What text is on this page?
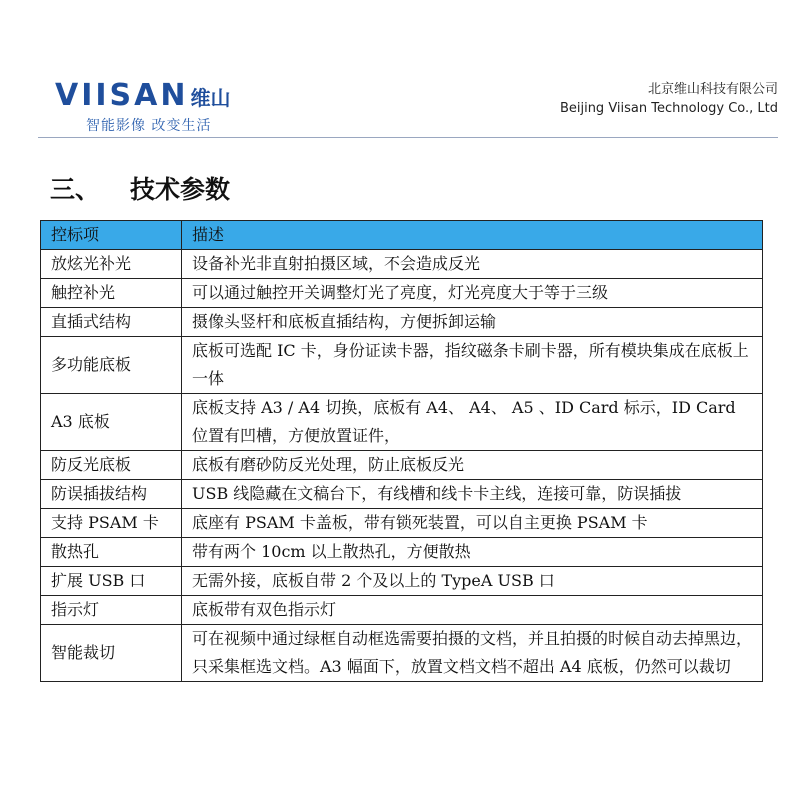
VIISAN 维山
智能影像 改变生活
北京维山科技有限公司
Beijing Viisan Technology Co., Ltd
三、 技术参数
控标项	描述
放炫光补光	设备补光非直射拍摄区域，不会造成反光
触控补光	可以通过触控开关调整灯光了亮度，灯光亮度大于等于三级
直插式结构	摄像头竖杆和底板直插结构，方便拆卸运输
多功能底板	底板可选配 IC 卡，身份证读卡器，指纹磁条卡刷卡器，所有模块集成在底板上一体
A3 底板	底板支持 A3 / A4 切换，底板有 A4、 A4、 A5 、ID Card 标示，ID Card 位置有凹槽，方便放置证件，
防反光底板	底板有磨砂防反光处理，防止底板反光
防误插拔结构	USB 线隐藏在文稿台下，有线槽和线卡卡主线，连接可靠，防误插拔
支持 PSAM 卡	底座有 PSAM 卡盖板，带有锁死装置，可以自主更换 PSAM 卡
散热孔	带有两个 10cm 以上散热孔，方便散热
扩展 USB 口	无需外接，底板自带 2 个及以上的 TypeA USB 口
指示灯	底板带有双色指示灯
智能裁切	可在视频中通过绿框自动框选需要拍摄的文档，并且拍摄的时候自动去掉黑边，只采集框选文档。A3 幅面下，放置文档文档不超出 A4 底板，仍然可以裁切
